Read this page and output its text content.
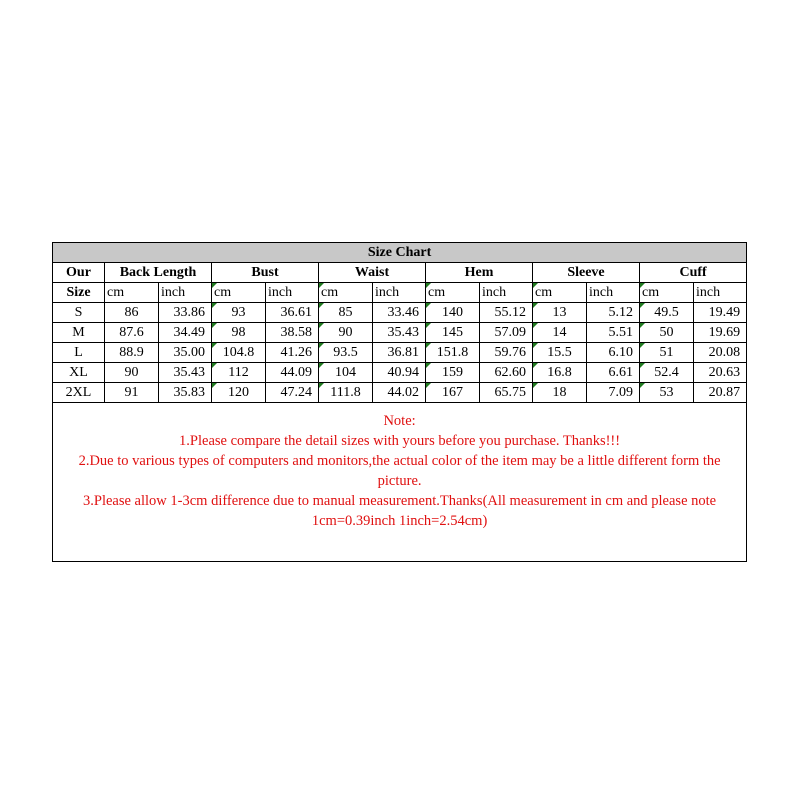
Size Chart												
Our	Back Length		Bust		Waist		Hem		Sleeve		Cuff	
Size	cm	inch	cm	inch	cm	inch	cm	inch	cm	inch	cm	inch
S	86	33.86	93	36.61	85	33.46	140	55.12	13	5.12	49.5	19.49
M	87.6	34.49	98	38.58	90	35.43	145	57.09	14	5.51	50	19.69
L	88.9	35.00	104.8	41.26	93.5	36.81	151.8	59.76	15.5	6.10	51	20.08
XL	90	35.43	112	44.09	104	40.94	159	62.60	16.8	6.61	52.4	20.63
2XL	91	35.83	120	47.24	111.8	44.02	167	65.75	18	7.09	53	20.87

Note:
1.Please compare the detail sizes with yours before you purchase. Thanks!!!
2.Due to various types of computers and monitors,the actual color of the item may be a little different form the picture.
3.Please allow 1-3cm difference due to manual measurement.Thanks(All measurement in cm and please note 1cm=0.39inch 1inch=2.54cm)												
